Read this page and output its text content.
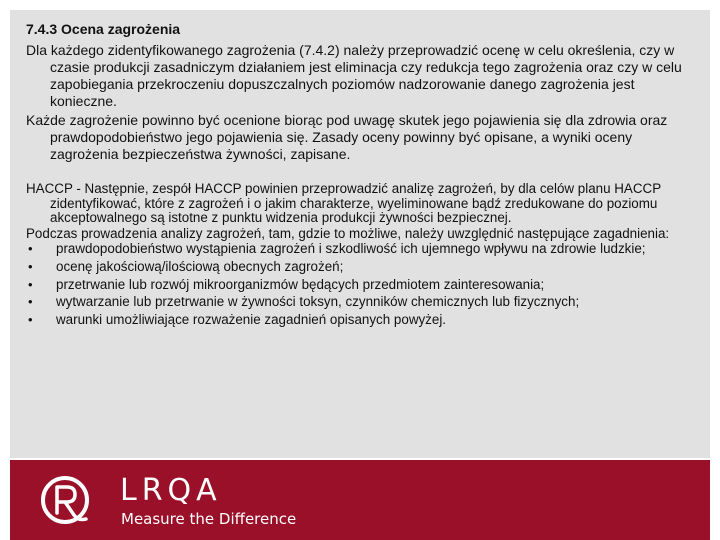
7.4.3 Ocena zagrożenia

Dla każdego zidentyfikowanego zagrożenia (7.4.2) należy przeprowadzić ocenę w celu określenia, czy w czasie produkcji zasadniczym działaniem jest eliminacja czy redukcja tego zagrożenia oraz czy w celu zapobiegania przekroczeniu dopuszczalnych poziomów nadzorowanie danego zagrożenia jest konieczne.

Każde zagrożenie powinno być ocenione biorąc pod uwagę skutek jego pojawienia się dla zdrowia oraz prawdopodobieństwo jego pojawienia się. Zasady oceny powinny być opisane, a wyniki oceny zagrożenia bezpieczeństwa żywności, zapisane.

HACCP - Następnie, zespół HACCP powinien przeprowadzić analizę zagrożeń, by dla celów planu HACCP zidentyfikować, które z zagrożeń i o jakim charakterze, wyeliminowane bądź zredukowane do poziomu akceptowalnego są istotne z punktu widzenia produkcji żywności bezpiecznej.

Podczas prowadzenia analizy zagrożeń, tam, gdzie to możliwe, należy uwzględnić następujące zagadnienia:

• prawdopodobieństwo wystąpienia zagrożeń i szkodliwość ich ujemnego wpływu na zdrowie ludzkie;
• ocenę jakościową/ilościową obecnych zagrożeń;
• przetrwanie lub rozwój mikroorganizmów będących przedmiotem zainteresowania;
• wytwarzanie lub przetrwanie w żywności toksyn, czynników chemicznych lub fizycznych;
• warunki umożliwiające rozważenie zagadnień opisanych powyżej.
LRQA
Measure the Difference
